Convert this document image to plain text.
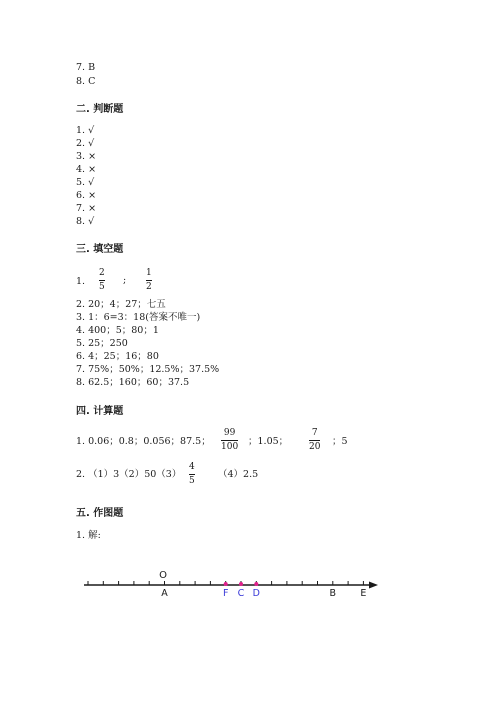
7. B
8. C
二. 判断题
1. √
2. √
3. ×
4. ×
5. √
6. ×
7. ×
8. √
三. 填空题
1.
2
5
;
1
2
2. 20；4；27；七五
3. 1：6=3：18(答案不唯一)
4. 400；5；80；1
5. 25；250
6. 4；25；16；80
7. 75%；50%；12.5%；37.5%
8. 62.5；160；60；37.5
四. 计算题
1. 0.06；0.8；0.056；87.5；
99
100 ；1.05；
7
20 ；5
2. （1）3（2）50（3）
4
5
（4）2.5
五. 作图题
1. 解:
O
A	F C D	B	E
